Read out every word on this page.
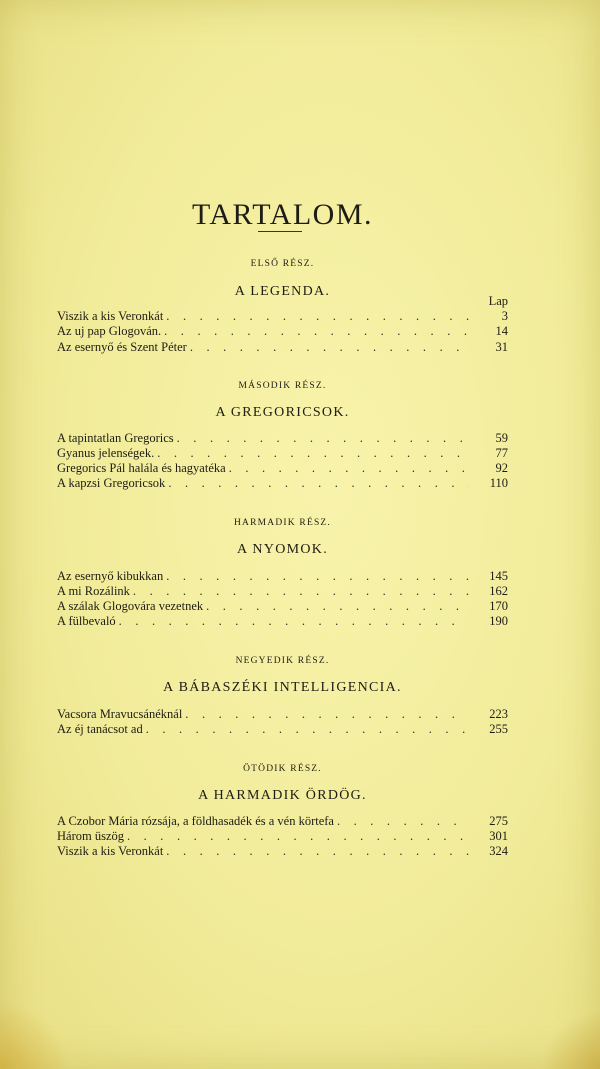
TARTALOM.
Lap
ELSŐ RÉSZ.
A LEGENDA.
Viszik a kis Veronkát . . .	3
Az uj pap Glogován. . . .	14
Az esernyő és Szent Péter . . .	31
MÁSODIK RÉSZ.
A GREGORICSOK.
A tapintatlan Gregorics . . .	59
Gyanus jelenségek. . . .	77
Gregorics Pál halála és hagyatéka . . .	92
A kapzsi Gregoricsok . . .	110
HARMADIK RÉSZ.
A NYOMOK.
Az esernyő kibukkan . . .	145
A mi Rozálink . . .	162
A szálak Glogovára vezetnek . . .	170
A fülbevaló . . .	190
NEGYEDIK RÉSZ.
A BÁBASZÉKI INTELLIGENCIA.
Vacsora Mravucsánéknál . . .	223
Az éj tanácsot ad . . .	255
ÖTÖDIK RÉSZ.
A HARMADIK ÖRDÖG.
A Czobor Mária rózsája, a földhasadék és a vén körtefa . . .	275
Három üszög . . .	301
Viszik a kis Veronkát . . .	324
